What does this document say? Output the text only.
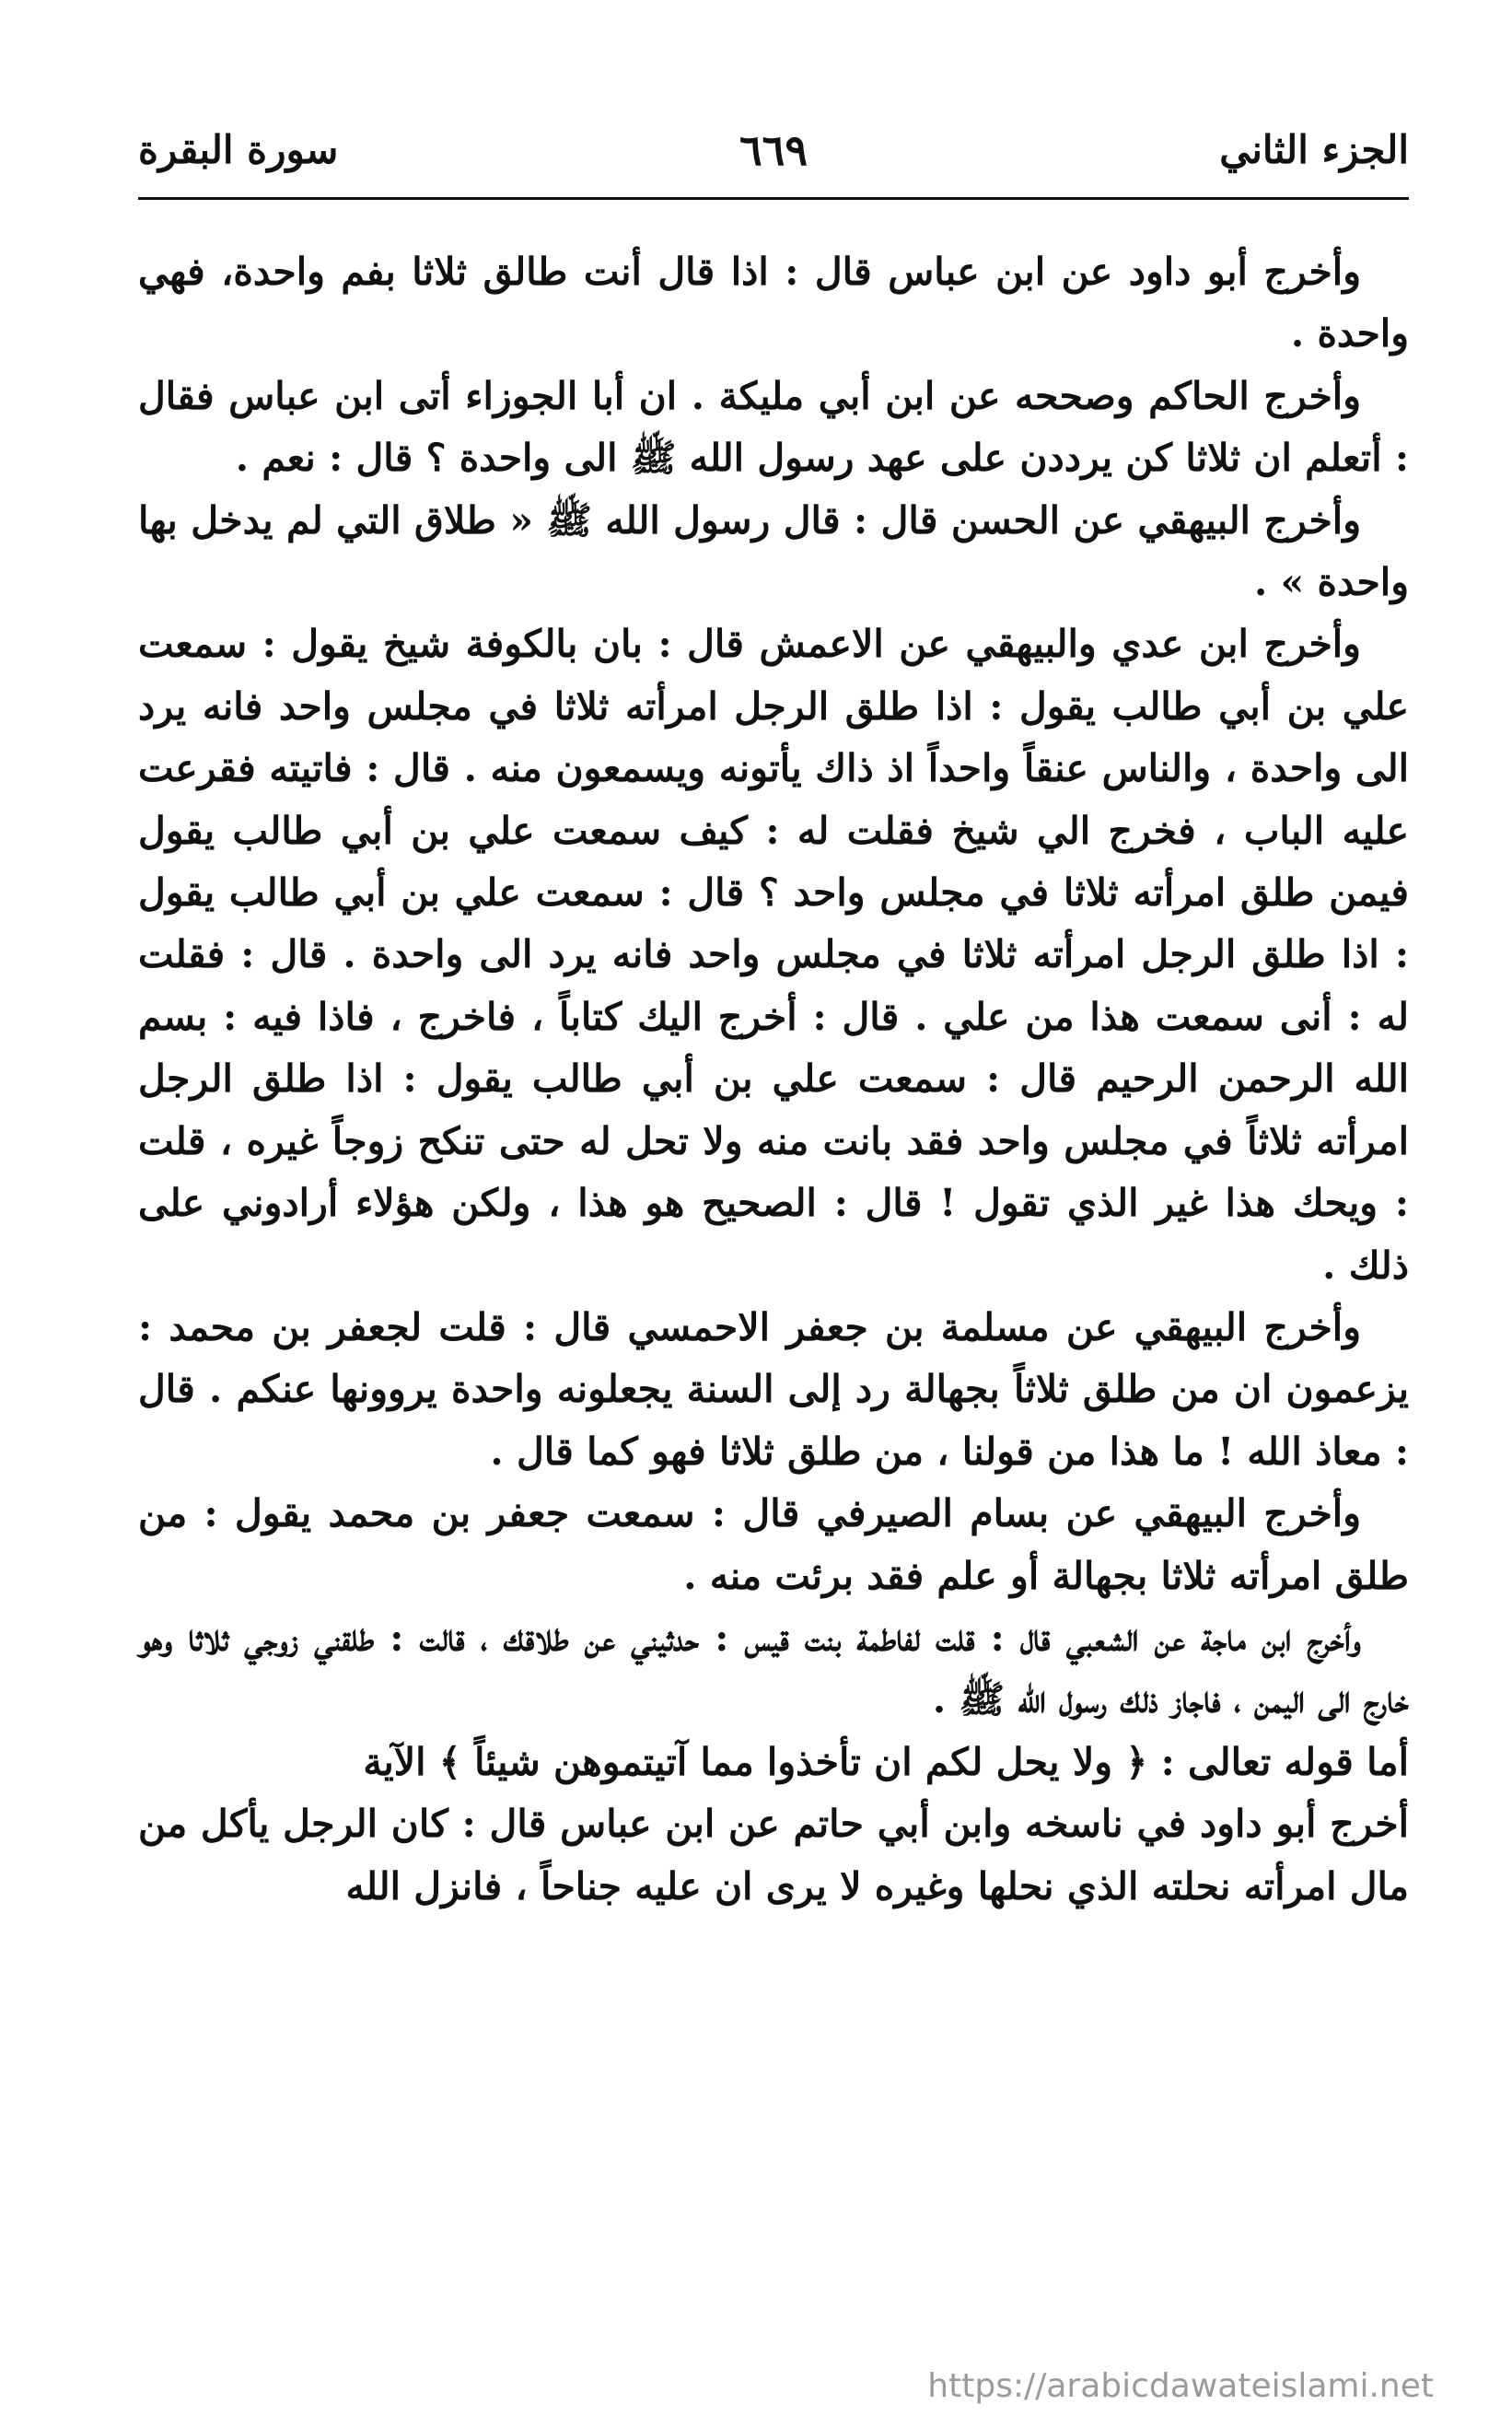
الجزء الثاني
٦٦٩
سورة البقرة

وأخرج أبو داود عن ابن عباس قال : اذا قال أنت طالق ثلاثا بفم واحدة، فهي واحدة .

وأخرج الحاكم وصححه عن ابن أبي مليكة . ان أبا الجوزاء أتى ابن عباس فقال : أتعلم ان ثلاثا كن يرددن على عهد رسول الله ﷺ الى واحدة ؟ قال : نعم .

وأخرج البيهقي عن الحسن قال : قال رسول الله ﷺ « طلاق التي لم يدخل بها واحدة » .

وأخرج ابن عدي والبيهقي عن الاعمش قال : بان بالكوفة شيخ يقول : سمعت علي بن أبي طالب يقول : اذا طلق الرجل امرأته ثلاثا في مجلس واحد فانه يرد الى واحدة ، والناس عنقاً واحداً اذ ذاك يأتونه ويسمعون منه . قال : فاتيته فقرعت عليه الباب ، فخرج الي شيخ فقلت له : كيف سمعت علي بن أبي طالب يقول فيمن طلق امرأته ثلاثا في مجلس واحد ؟ قال : سمعت علي بن أبي طالب يقول : اذا طلق الرجل امرأته ثلاثا في مجلس واحد فانه يرد الى واحدة . قال : فقلت له : أنى سمعت هذا من علي . قال : أخرج اليك كتاباً ، فاخرج ، فاذا فيه : بسم الله الرحمن الرحيم قال : سمعت علي بن أبي طالب يقول : اذا طلق الرجل امرأته ثلاثاً في مجلس واحد فقد بانت منه ولا تحل له حتى تنكح زوجاً غيره ، قلت : ويحك هذا غير الذي تقول ! قال : الصحيح هو هذا ، ولكن هؤلاء أرادوني على ذلك .

وأخرج البيهقي عن مسلمة بن جعفر الاحمسي قال : قلت لجعفر بن محمد : يزعمون ان من طلق ثلاثاً بجهالة رد إلى السنة يجعلونه واحدة يروونها عنكم . قال : معاذ الله ! ما هذا من قولنا ، من طلق ثلاثا فهو كما قال .

وأخرج البيهقي عن بسام الصيرفي قال : سمعت جعفر بن محمد يقول : من طلق امرأته ثلاثا بجهالة أو علم فقد برئت منه .

وأخرج ابن ماجة عن الشعبي قال : قلت لفاطمة بنت قيس : حدثيني عن طلاقك ، قالت : طلقني زوجي ثلاثا وهو خارج الى اليمن ، فاجاز ذلك رسول الله ﷺ .

أما قوله تعالى : ﴿ ولا يحل لكم ان تأخذوا مما آتيتموهن شيئاً ﴾ الآية

أخرج أبو داود في ناسخه وابن أبي حاتم عن ابن عباس قال : كان الرجل يأكل من مال امرأته نحلته الذي نحلها وغيره لا يرى ان عليه جناحاً ، فانزل الله

https://arabicdawateislami.net
